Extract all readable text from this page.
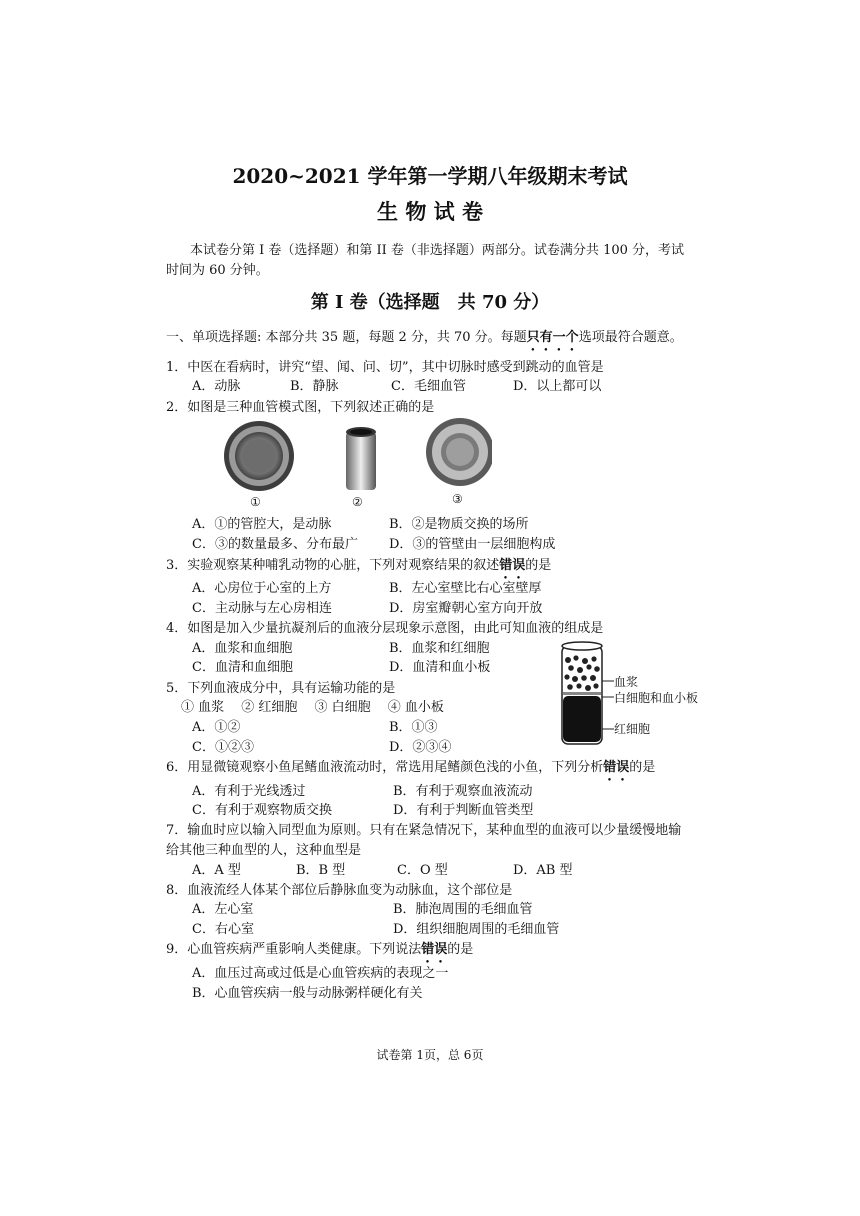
2020~2021 学年第一学期八年级期末考试
生 物 试 卷
本试卷分第 I 卷（选择题）和第 II 卷（非选择题）两部分。试卷满分共 100 分，考试
时间为 60 分钟。
第 I 卷（选择题　共 70 分）
一、单项选择题: 本部分共 35 题，每题 2 分，共 70 分。每题只有一个选项最符合题意。
1．中医在看病时，讲究“望、闻、问、切”，其中切脉时感受到跳动的血管是
A．动脉	B．静脉	C．毛细血管	D．以上都可以
2．如图是三种血管模式图，下列叙述正确的是
①	②	③
A．①的管腔大，是动脉	B．②是物质交换的场所
C．③的数量最多、分布最广 D．③的管壁由一层细胞构成
3．实验观察某种哺乳动物的心脏，下列对观察结果的叙述错误的是
A．心房位于心室的上方	B．左心室壁比右心室壁厚
C．主动脉与左心房相连	D．房室瓣朝心室方向开放
4．如图是加入少量抗凝剂后的血液分层现象示意图，由此可知血液的组成是
A．血浆和血细胞	B．血浆和红细胞
C．血清和血细胞	D．血清和血小板
血浆
白细胞和血小板
红细胞
5．下列血液成分中，具有运输功能的是
① 血浆　 ② 红细胞　 ③ 白细胞　 ④ 血小板
A．①②	B．①③
C．①②③	D．②③④
6．用显微镜观察小鱼尾鳍血液流动时，常选用尾鳍颜色浅的小鱼，下列分析错误的是
A．有利于光线透过	B．有利于观察血液流动
C．有利于观察物质交换	D．有利于判断血管类型
7．输血时应以输入同型血为原则。只有在紧急情况下，某种血型的血液可以少量缓慢地输
给其他三种血型的人，这种血型是
A．A 型	B．B 型	C．O 型	D．AB 型
8．血液流经人体某个部位后静脉血变为动脉血，这个部位是
A．左心室	B．肺泡周围的毛细血管
C．右心室	D．组织细胞周围的毛细血管
9．心血管疾病严重影响人类健康。下列说法错误的是
A．血压过高或过低是心血管疾病的表现之一
B．心血管疾病一般与动脉粥样硬化有关
试卷第 1页，总 6页
